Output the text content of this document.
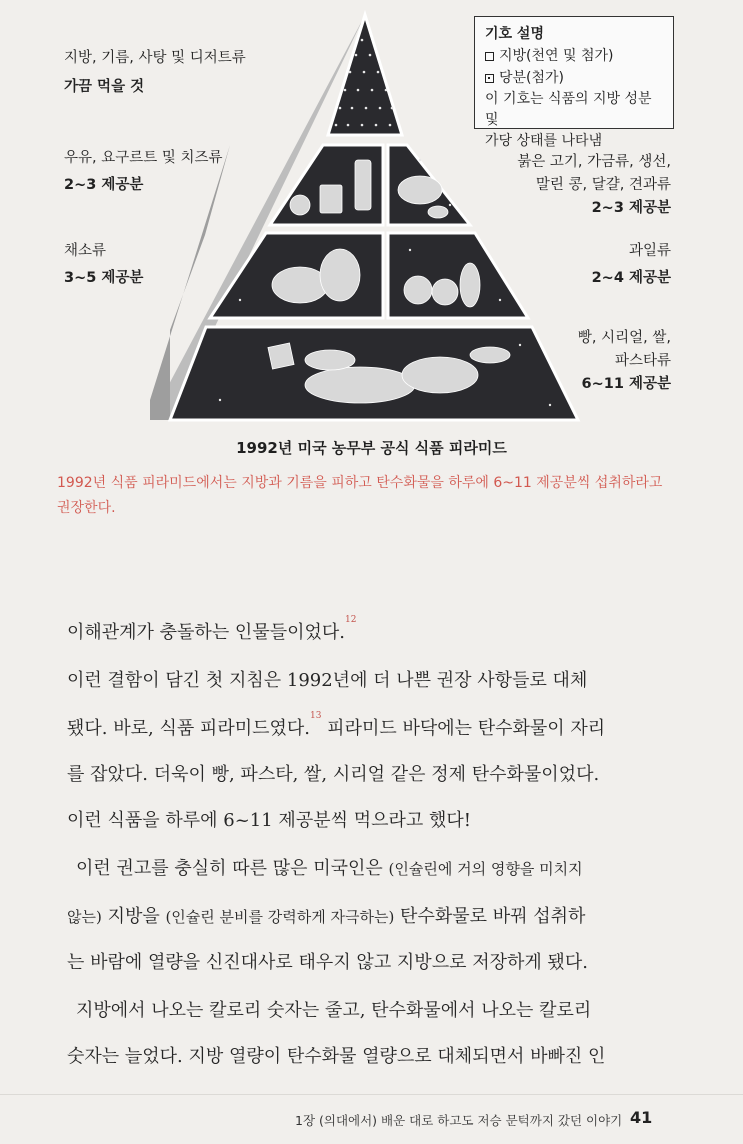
기호 설명
지방(천연 및 첨가)
당분(첨가)
이 기호는 식품의 지방 성분 및
가당 상태를 나타냄
지방, 기름, 사탕 및 디저트류
가끔 먹을 것
우유, 요구르트 및 치즈류
2~3 제공분
붉은 고기, 가금류, 생선,
말린 콩, 달걀, 견과류
2~3 제공분
채소류
3~5 제공분
과일류
2~4 제공분
빵, 시리얼, 쌀,
파스타류
6~11 제공분
1992년 미국 농무부 공식 식품 피라미드
1992년 식품 피라미드에서는 지방과 기름을 피하고 탄수화물을 하루에 6~11 제공분씩 섭취하라고
권장한다.
이해관계가 충돌하는 인물들이었다.$^{12}$
이런 결함이 담긴 첫 지침은 1992년에 더 나쁜 권장 사항들로 대체
됐다. 바로, 식품 피라미드였다.$^{13}$ 피라미드 바닥에는 탄수화물이 자리
를 잡았다. 더욱이 빵, 파스타, 쌀, 시리얼 같은 정제 탄수화물이었다.
이런 식품을 하루에 6~11 제공분씩 먹으라고 했다!
이런 권고를 충실히 따른 많은 미국인은 (인슐린에 거의 영향을 미치지
않는) 지방을 (인슐린 분비를 강력하게 자극하는) 탄수화물로 바꿔 섭취하
는 바람에 열량을 신진대사로 태우지 않고 지방으로 저장하게 됐다.
지방에서 나오는 칼로리 숫자는 줄고, 탄수화물에서 나오는 칼로리
숫자는 늘었다. 지방 열량이 탄수화물 열량으로 대체되면서 바빠진 인
1장 (의대에서) 배운 대로 하고도 저승 문턱까지 갔던 이야기 41
